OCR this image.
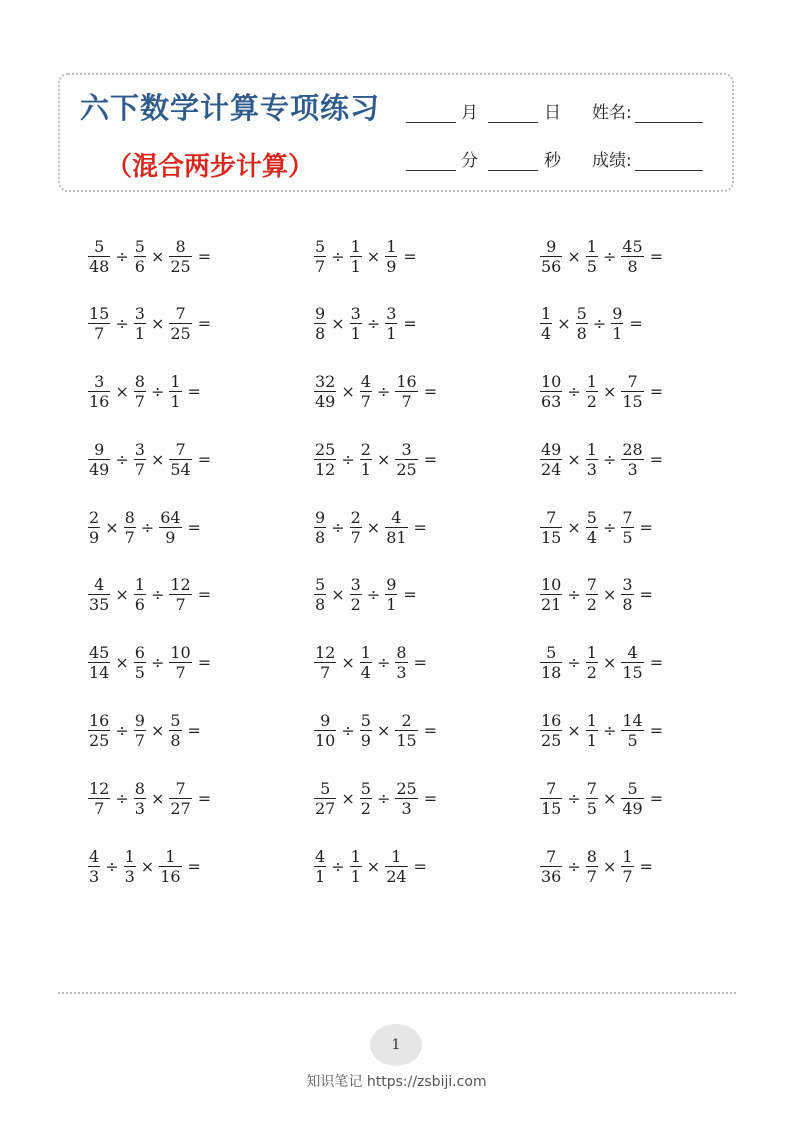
六下数学计算专项练习
（混合两步计算）
月	日 姓名:
分	秒 成绩:
$\frac{5}{48} \div \frac{5}{6} \times \frac{8}{25}$ =	$\frac{5}{7} \div \frac{1}{1} \times \frac{1}{9}$ =	$\frac{9}{56} \times \frac{1}{5} \div \frac{45}{8}$ =
$\frac{15}{7} \div \frac{3}{1} \times \frac{7}{25}$ =	$\frac{9}{8} \times \frac{3}{1} \div \frac{3}{1}$ =	$\frac{1}{4} \times \frac{5}{8} \div \frac{9}{1}$ =
$\frac{3}{16} \times \frac{8}{7} \div \frac{1}{1}$ =	$\frac{32}{49} \times \frac{4}{7} \div \frac{16}{7}$ =	$\frac{10}{63} \div \frac{1}{2} \times \frac{7}{15}$ =
$\frac{9}{49} \div \frac{3}{7} \times \frac{7}{54}$ =	$\frac{25}{12} \div \frac{2}{1} \times \frac{3}{25}$ =	$\frac{49}{24} \times \frac{1}{3} \div \frac{28}{3}$ =
$\frac{2}{9} \times \frac{8}{7} \div \frac{64}{9}$ =	$\frac{9}{8} \div \frac{2}{7} \times \frac{4}{81}$ =	$\frac{7}{15} \times \frac{5}{4} \div \frac{7}{5}$ =
$\frac{4}{35} \times \frac{1}{6} \div \frac{12}{7}$ =	$\frac{5}{8} \times \frac{3}{2} \div \frac{9}{1}$ =	$\frac{10}{21} \div \frac{7}{2} \times \frac{3}{8}$ =
$\frac{45}{14} \times \frac{6}{5} \div \frac{10}{7}$ =	$\frac{12}{7} \times \frac{1}{4} \div \frac{8}{3}$ =	$\frac{5}{18} \div \frac{1}{2} \times \frac{4}{15}$ =
$\frac{16}{25} \div \frac{9}{7} \times \frac{5}{8}$ =	$\frac{9}{10} \div \frac{5}{9} \times \frac{2}{15}$ =	$\frac{16}{25} \times \frac{1}{1} \div \frac{14}{5}$ =
$\frac{12}{7} \div \frac{8}{3} \times \frac{7}{27}$ =	$\frac{5}{27} \times \frac{5}{2} \div \frac{25}{3}$ =	$\frac{7}{15} \div \frac{7}{5} \times \frac{5}{49}$ =
$\frac{4}{3} \div \frac{1}{3} \times \frac{1}{16}$ =	$\frac{4}{1} \div \frac{1}{1} \times \frac{1}{24}$ =	$\frac{7}{36} \div \frac{8}{7} \times \frac{1}{7}$ =
1
知识笔记 https://zsbiji.com
